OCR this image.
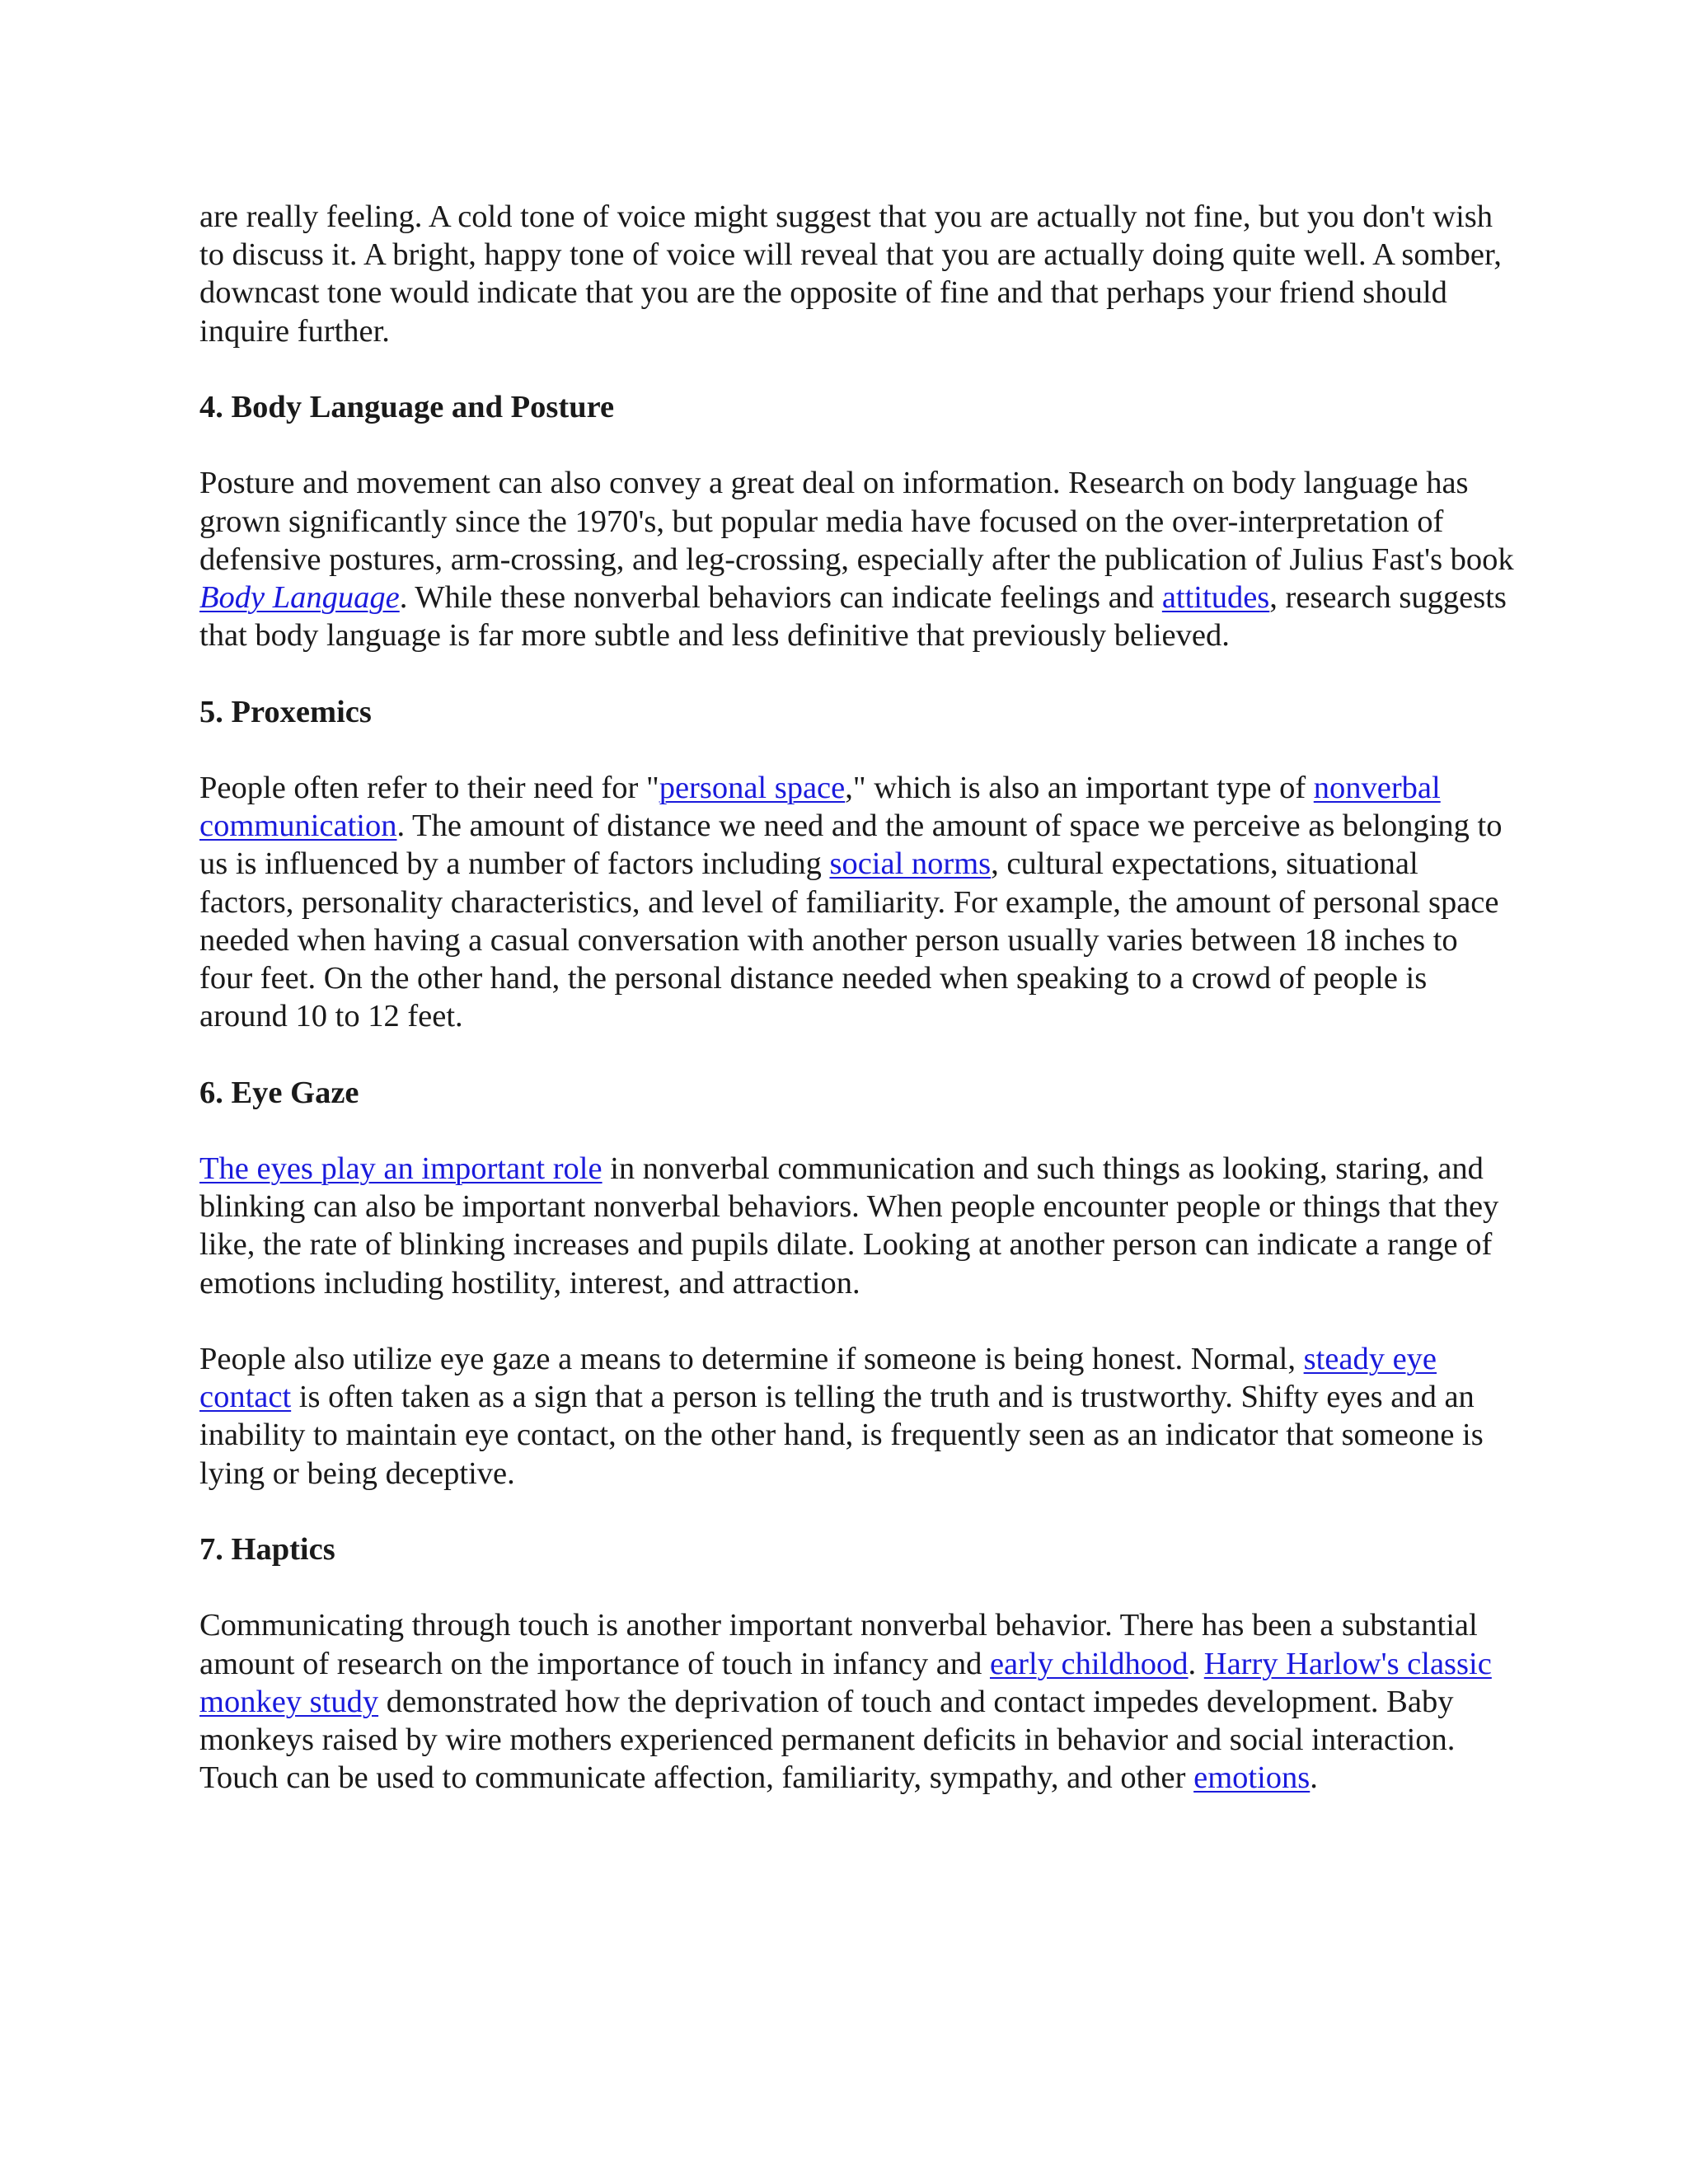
are really feeling. A cold tone of voice might suggest that you are actually not fine, but you don't wish to discuss it. A bright, happy tone of voice will reveal that you are actually doing quite well. A somber, downcast tone would indicate that you are the opposite of fine and that perhaps your friend should inquire further.

4. Body Language and Posture

Posture and movement can also convey a great deal on information. Research on body language has grown significantly since the 1970's, but popular media have focused on the over-interpretation of defensive postures, arm-crossing, and leg-crossing, especially after the publication of Julius Fast's book Body Language. While these nonverbal behaviors can indicate feelings and attitudes, research suggests that body language is far more subtle and less definitive that previously believed.

5. Proxemics

People often refer to their need for "personal space," which is also an important type of nonverbal communication. The amount of distance we need and the amount of space we perceive as belonging to us is influenced by a number of factors including social norms, cultural expectations, situational factors, personality characteristics, and level of familiarity. For example, the amount of personal space needed when having a casual conversation with another person usually varies between 18 inches to four feet. On the other hand, the personal distance needed when speaking to a crowd of people is around 10 to 12 feet.

6. Eye Gaze

The eyes play an important role in nonverbal communication and such things as looking, staring, and blinking can also be important nonverbal behaviors. When people encounter people or things that they like, the rate of blinking increases and pupils dilate. Looking at another person can indicate a range of emotions including hostility, interest, and attraction.

People also utilize eye gaze a means to determine if someone is being honest. Normal, steady eye contact is often taken as a sign that a person is telling the truth and is trustworthy. Shifty eyes and an inability to maintain eye contact, on the other hand, is frequently seen as an indicator that someone is lying or being deceptive.

7. Haptics

Communicating through touch is another important nonverbal behavior. There has been a substantial amount of research on the importance of touch in infancy and early childhood. Harry Harlow's classic monkey study demonstrated how the deprivation of touch and contact impedes development. Baby monkeys raised by wire mothers experienced permanent deficits in behavior and social interaction. Touch can be used to communicate affection, familiarity, sympathy, and other emotions.
